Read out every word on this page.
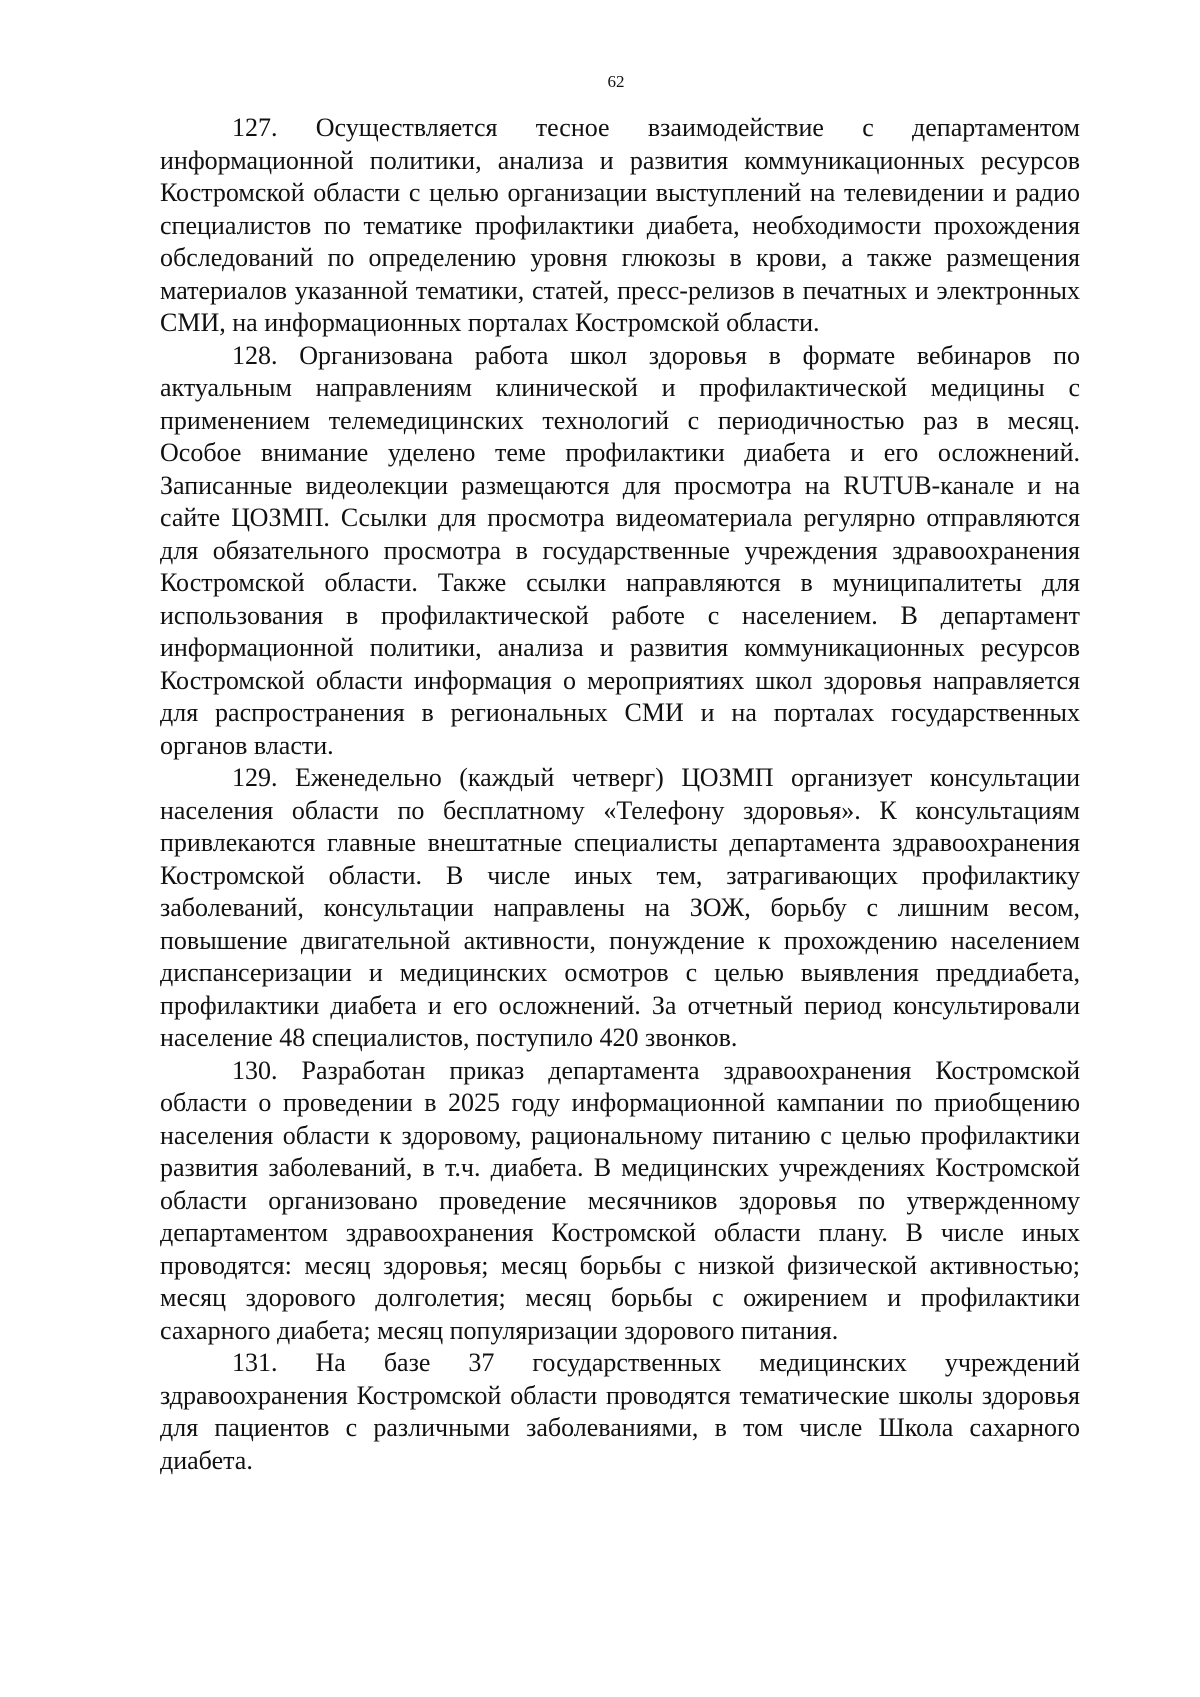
62

127. Осуществляется тесное взаимодействие с департаментом информационной политики, анализа и развития коммуникационных ресурсов Костромской области с целью организации выступлений на телевидении и радио специалистов по тематике профилактики диабета, необходимости прохождения обследований по определению уровня глюкозы в крови, а также размещения материалов указанной тематики, статей, пресс-релизов в печатных и электронных СМИ, на информационных порталах Костромской области.

128. Организована работа школ здоровья в формате вебинаров по актуальным направлениям клинической и профилактической медицины с применением телемедицинских технологий с периодичностью раз в месяц. Особое внимание уделено теме профилактики диабета и его осложнений. Записанные видеолекции размещаются для просмотра на RUTUB-канале и на сайте ЦОЗМП. Ссылки для просмотра видеоматериала регулярно отправляются для обязательного просмотра в государственные учреждения здравоохранения Костромской области. Также ссылки направляются в муниципалитеты для использования в профилактической работе с населением. В департамент информационной политики, анализа и развития коммуникационных ресурсов Костромской области информация о мероприятиях школ здоровья направляется для распространения в региональных СМИ и на порталах государственных органов власти.

129. Еженедельно (каждый четверг) ЦОЗМП организует консультации населения области по бесплатному «Телефону здоровья». К консультациям привлекаются главные внештатные специалисты департамента здравоохранения Костромской области. В числе иных тем, затрагивающих профилактику заболеваний, консультации направлены на ЗОЖ, борьбу с лишним весом, повышение двигательной активности, понуждение к прохождению населением диспансеризации и медицинских осмотров с целью выявления преддиабета, профилактики диабета и его осложнений. За отчетный период консультировали население 48 специалистов, поступило 420 звонков.

130. Разработан приказ департамента здравоохранения Костромской области о проведении в 2025 году информационной кампании по приобщению населения области к здоровому, рациональному питанию с целью профилактики развития заболеваний, в т.ч. диабета. В медицинских учреждениях Костромской области организовано проведение месячников здоровья по утвержденному департаментом здравоохранения Костромской области плану. В числе иных проводятся: месяц здоровья; месяц борьбы с низкой физической активностью; месяц здорового долголетия; месяц борьбы с ожирением и профилактики сахарного диабета; месяц популяризации здорового питания.

131. На базе 37 государственных медицинских учреждений здравоохранения Костромской области проводятся тематические школы здоровья для пациентов с различными заболеваниями, в том числе Школа сахарного диабета.
